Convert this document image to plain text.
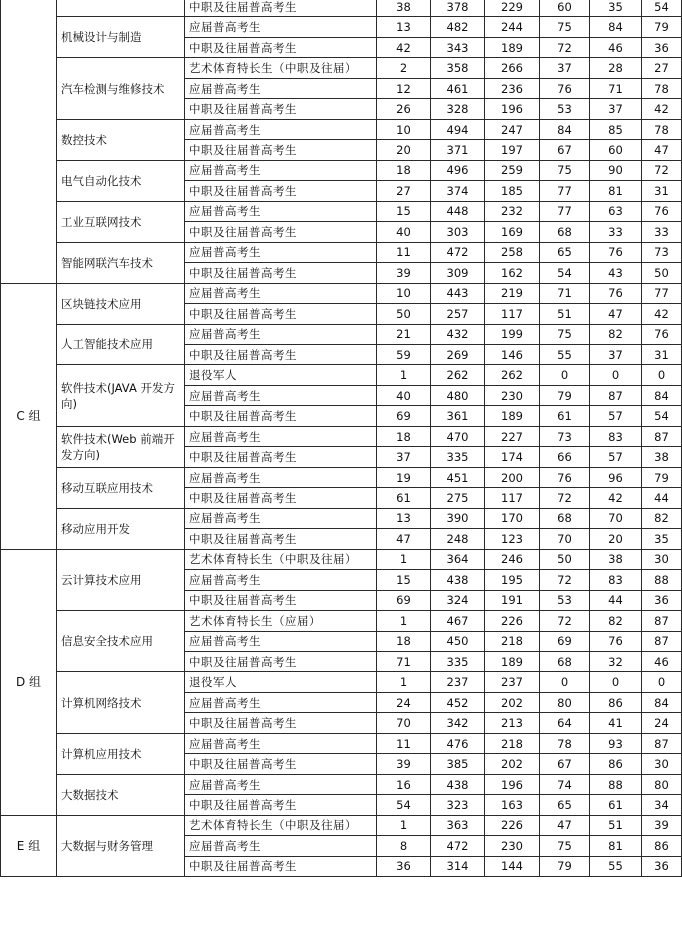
		中职及往届普高考生	38	378	229	60	35	54
	机械设计与制造	应届普高考生	13	482	244	75	84	79
		中职及往届普高考生	42	343	189	72	46	36
	汽车检测与维修技术	艺术体育特长生（中职及往届）	2	358	266	37	28	27
		应届普高考生	12	461	236	76	71	78
		中职及往届普高考生	26	328	196	53	37	42
	数控技术	应届普高考生	10	494	247	84	85	78
		中职及往届普高考生	20	371	197	67	60	47
	电气自动化技术	应届普高考生	18	496	259	75	90	72
		中职及往届普高考生	27	374	185	77	81	31
	工业互联网技术	应届普高考生	15	448	232	77	63	76
		中职及往届普高考生	40	303	169	68	33	33
	智能网联汽车技术	应届普高考生	11	472	258	65	76	73
		中职及往届普高考生	39	309	162	54	43	50
C 组	区块链技术应用	应届普高考生	10	443	219	71	76	77
		中职及往届普高考生	50	257	117	51	47	42
	人工智能技术应用	应届普高考生	21	432	199	75	82	76
		中职及往届普高考生	59	269	146	55	37	31
	软件技术(JAVA 开发方向)	退役军人	1	262	262	0	0	0
		应届普高考生	40	480	230	79	87	84
		中职及往届普高考生	69	361	189	61	57	54
	软件技术(Web 前端开发方向)	应届普高考生	18	470	227	73	83	87
		中职及往届普高考生	37	335	174	66	57	38
	移动互联应用技术	应届普高考生	19	451	200	76	96	79
		中职及往届普高考生	61	275	117	72	42	44
	移动应用开发	应届普高考生	13	390	170	68	70	82
		中职及往届普高考生	47	248	123	70	20	35
D 组	云计算技术应用	艺术体育特长生（中职及往届）	1	364	246	50	38	30
		应届普高考生	15	438	195	72	83	88
		中职及往届普高考生	69	324	191	53	44	36
	信息安全技术应用	艺术体育特长生（应届）	1	467	226	72	82	87
		应届普高考生	18	450	218	69	76	87
		中职及往届普高考生	71	335	189	68	32	46
	计算机网络技术	退役军人	1	237	237	0	0	0
		应届普高考生	24	452	202	80	86	84
		中职及往届普高考生	70	342	213	64	41	24
	计算机应用技术	应届普高考生	11	476	218	78	93	87
		中职及往届普高考生	39	385	202	67	86	30
	大数据技术	应届普高考生	16	438	196	74	88	80
		中职及往届普高考生	54	323	163	65	61	34
E 组	大数据与财务管理	艺术体育特长生（中职及往届）	1	363	226	47	51	39
		应届普高考生	8	472	230	75	81	86
		中职及往届普高考生	36	314	144	79	55	36
